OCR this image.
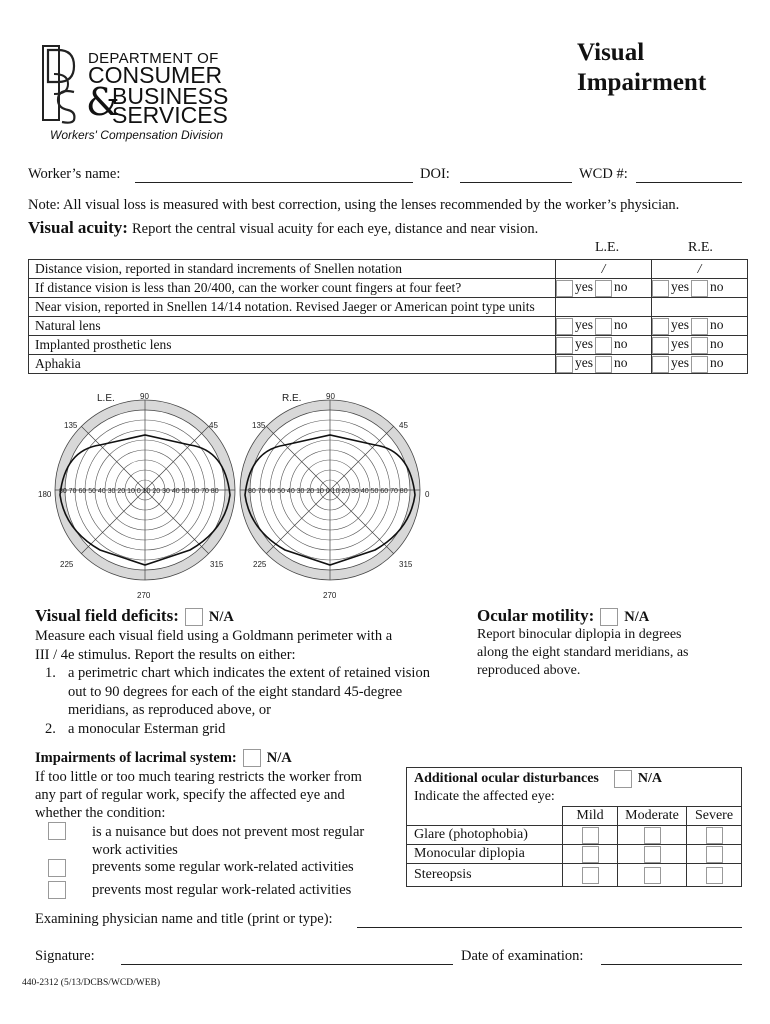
DEPARTMENT OF
CONSUMER
&
BUSINESS
SERVICES
Workers' Compensation Division
Visual
Impairment
Worker’s name:	DOI:	WCD #:
Note: All visual loss is measured with best correction, using the lenses recommended by the worker’s physician.
Visual acuity: Report the central visual acuity for each eye, distance and near vision.
L.E.	R.E.
Distance vision, reported in standard increments of Snellen notation	/	/
If distance vision is less than 20/400, can the worker count fingers at four feet?	yes no	yes no
Near vision, reported in Snellen 14/14 notation. Revised Jaeger or American point type units		
Natural lens	yes no	yes no
Implanted prosthetic lens	yes no	yes no
Aphakia	yes no	yes no
L.E.	90
135	45
180
225	315
270
80 70 60 50 40 30 20 10 0 10 20 30 40 50 60 70 80
R.E.	90
135	45
0
225	315
270
80 70 60 50 40 30 20 10 0 10 20 30 40 50 60 70 80
Visual field deficits: N/A
Measure each visual field using a Goldmann perimeter with a
III / 4e stimulus. Report the results on either:
1. a perimetric chart which indicates the extent of retained vision
out to 90 degrees for each of the eight standard 45-degree
meridians, as reproduced above, or
2. a monocular Esterman grid
Ocular motility: N/A
Report binocular diplopia in degrees
along the eight standard meridians, as
reproduced above.
Impairments of lacrimal system: N/A
If too little or too much tearing restricts the worker from
any part of regular work, specify the affected eye and
whether the condition:
is a nuisance but does not prevent most regular
work activities
prevents some regular work-related activities
prevents most regular work-related activities
Additional ocular disturbances N/A			
Indicate the affected eye:			
	Mild	Moderate	Severe
Glare (photophobia)			
Monocular diplopia			
Stereopsis			
Examining physician name and title (print or type):
Signature:	Date of examination:
440-2312 (5/13/DCBS/WCD/WEB)
